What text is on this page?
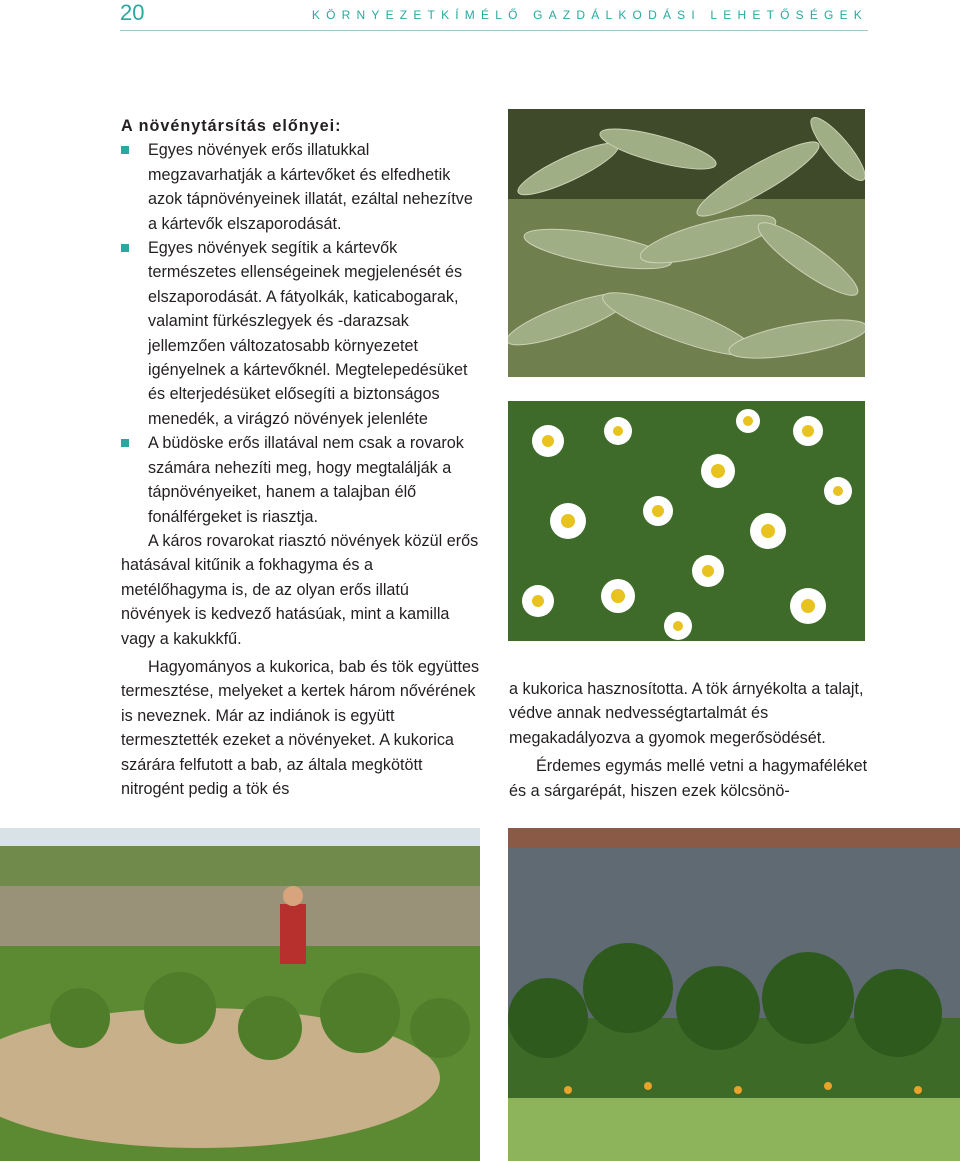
20	KÖRNYEZETKÍMÉLŐ GAZDÁLKODÁSI LEHETŐSÉGEK
A növénytársítás előnyei:
Egyes növények erős illatukkal megzavarhatják a kártevőket és elfedhetik azok tápnövényeinek illatát, ezáltal nehezítve a kártevők elszaporodását.
Egyes növények segítik a kártevők természetes ellenségeinek megjelenését és elszaporodását. A fátyolkák, katicabogarak, valamint fürkészlegyek és -darazsak jellemzően változatosabb környezetet igényelnek a kártevőknél. Megtelepedésüket és elterjedésüket elősegíti a biztonságos menedék, a virágzó növények jelenléte
A büdöske erős illatával nem csak a rovarok számára nehezíti meg, hogy megtalálják a tápnövényeiket, hanem a talajban élő fonálférgeket is riasztja.

A káros rovarokat riasztó növények közül erős hatásával kitűnik a fokhagyma és a metélőhagyma is, de az olyan erős illatú növények is kedvező hatásúak, mint a kamilla vagy a kakukkfű.

Hagyományos a kukorica, bab és tök együttes termesztése, melyeket a kertek három nővérének is neveznek. Már az indiánok is együtt termesztették ezeket a növényeket. A kukorica szárára felfutott a bab, az általa megkötött nitrogént pedig a tök és

a kukorica hasznosította. A tök árnyékolta a talajt, védve annak nedvességtartalmát és megakadályozva a gyomok megerősödését.

Érdemes egymás mellé vetni a hagymaféléket és a sárgarépát, hiszen ezek kölcsönö-
